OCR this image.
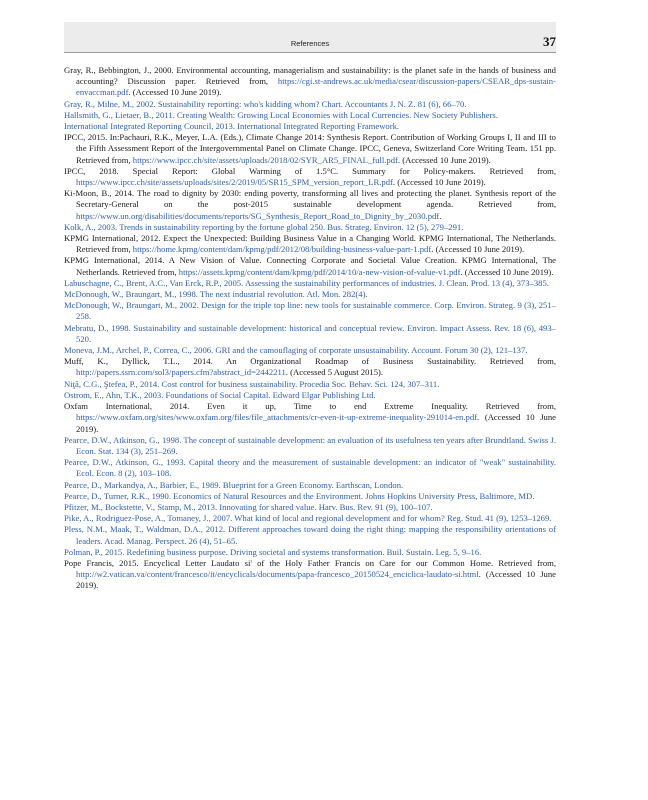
References	37

Gray, R., Bebbington, J., 2000. Environmental accounting, managerialism and sustainability: is the planet safe in the hands of business and accounting? Discussion paper. Retrieved from, https://cgi.st-andrews.ac.uk/media/csear/discussion-papers/CSEAR_dps-sustain-envaccman.pdf. (Accessed 10 June 2019).

Gray, R., Milne, M., 2002. Sustainability reporting: who's kidding whom? Chart. Accountants J. N. Z. 81 (6), 66–70.

Hallsmith, G., Lietaer, B., 2011. Creating Wealth: Growing Local Economies with Local Currencies. New Society Publishers.

International Integrated Reporting Council, 2013. International Integrated Reporting Framework.

IPCC, 2015. In:Pachauri, R.K., Meyer, L.A. (Eds.), Climate Change 2014: Synthesis Report. Contribution of Working Groups I, II and III to the Fifth Assessment Report of the Intergovernmental Panel on Climate Change. IPCC, Geneva, Switzerland Core Writing Team. 151 pp. Retrieved from, https://www.ipcc.ch/site/assets/uploads/2018/02/SYR_AR5_FINAL_full.pdf. (Accessed 10 June 2019).

IPCC, 2018. Special Report: Global Warming of 1.5°C. Summary for Policy-makers. Retrieved from, https://www.ipcc.ch/site/assets/uploads/sites/2/2019/05/SR15_SPM_version_report_LR.pdf. (Accessed 10 June 2019).

Ki-Moon, B., 2014. The road to dignity by 2030: ending poverty, transforming all lives and protecting the planet. Synthesis report of the Secretary-General on the post-2015 sustainable development agenda. Retrieved from, https://www.un.org/disabilities/documents/reports/SG_Synthesis_Report_Road_to_Dignity_by_2030.pdf.

Kolk, A., 2003. Trends in sustainability reporting by the fortune global 250. Bus. Strateg. Environ. 12 (5), 279–291.

KPMG International, 2012. Expect the Unexpected: Building Business Value in a Changing World. KPMG International, The Netherlands. Retrieved from, https://home.kpmg/content/dam/kpmg/pdf/2012/08/building-business-value-part-1.pdf. (Accessed 10 June 2019).

KPMG International, 2014. A New Vision of Value. Connecting Corporate and Societal Value Creation. KPMG International, The Netherlands. Retrieved from, https://assets.kpmg/content/dam/kpmg/pdf/2014/10/a-new-vision-of-value-v1.pdf. (Accessed 10 June 2019).

Labuschagne, C., Brent, A.C., Van Erck, R.P., 2005. Assessing the sustainability performances of industries. J. Clean. Prod. 13 (4), 373–385.

McDonough, W., Braungart, M., 1998. The next industrial revolution. Atl. Mon. 282(4).

McDonough, W., Braungart, M., 2002. Design for the triple top line: new tools for sustainable commerce. Corp. Environ. Strateg. 9 (3), 251–258.

Mebratu, D., 1998. Sustainability and sustainable development: historical and conceptual review. Environ. Impact Assess. Rev. 18 (6), 493–520.

Moneva, J.M., Archel, P., Correa, C., 2006. GRI and the camouflaging of corporate unsustainability. Account. Forum 30 (2), 121–137.

Muff, K., Dyllick, T.L., 2014. An Organizational Roadmap of Business Sustainability. Retrieved from, http://papers.ssrn.com/sol3/papers.cfm?abstract_id=2442211. (Accessed 5 August 2015).

Niţă, C.G., Ştefea, P., 2014. Cost control for business sustainability. Procedia Soc. Behav. Sci. 124, 307–311.

Ostrom, E., Ahn, T.K., 2003. Foundations of Social Capital. Edward Elgar Publishing Ltd.

Oxfam International, 2014. Even it up, Time to end Extreme Inequality. Retrieved from, https://www.oxfam.org/sites/www.oxfam.org/files/file_attachments/cr-even-it-up-extreme-inequality-291014-en.pdf. (Accessed 10 June 2019).

Pearce, D.W., Atkinson, G., 1998. The concept of sustainable development: an evaluation of its usefulness ten years after Brundtland. Swiss J. Econ. Stat. 134 (3), 251–269.

Pearce, D.W., Atkinson, G., 1993. Capital theory and the measurement of sustainable development: an indicator of "weak" sustainability. Ecol. Econ. 8 (2), 103–108.

Pearce, D., Markandya, A., Barbier, E., 1989. Blueprint for a Green Economy. Earthscan, London.

Pearce, D., Turner, R.K., 1990. Economics of Natural Resources and the Environment. Johns Hopkins University Press, Baltimore, MD.

Pfitzer, M., Bockstette, V., Stamp, M., 2013. Innovating for shared value. Harv. Bus. Rev. 91 (9), 100–107.

Pike, A., Rodriguez-Pose, A., Tomaney, J., 2007. What kind of local and regional development and for whom? Reg. Stud. 41 (9), 1253–1269.

Pless, N.M., Maak, T., Waldman, D.A., 2012. Different approaches toward doing the right thing: mapping the responsibility orientations of leaders. Acad. Manag. Perspect. 26 (4), 51–65.

Polman, P., 2015. Redefining business purpose. Driving societal and systems transformation. Buil. Sustain. Leg. 5, 9–16.

Pope Francis, 2015. Encyclical Letter Laudato si' of the Holy Father Francis on Care for our Common Home. Retrieved from, http://w2.vatican.va/content/francesco/it/encyclicals/documents/papa-francesco_20150524_enciclica-laudato-si.html. (Accessed 10 June 2019).
